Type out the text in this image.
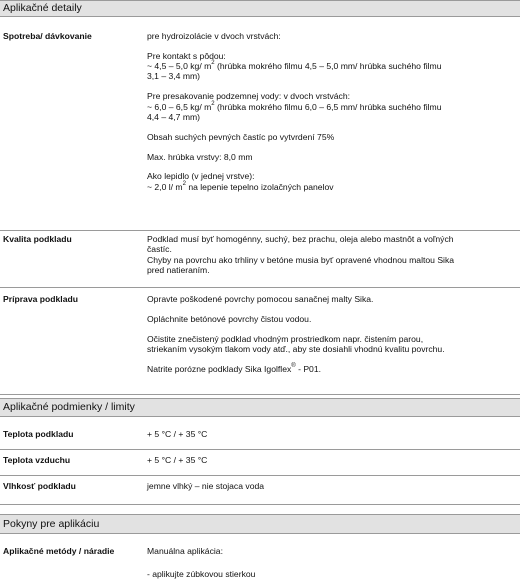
Aplikačné detaily
Spotreba/ dávkovanie	pre hydroizolácie v dvoch vrstvách:
Pre kontakt s pôdou:
~ 4,5 – 5,0 kg/ $m^2$ (hrúbka mokrého filmu 4,5 – 5,0 mm/ hrúbka suchého filmu
3,1 – 3,4 mm)
Pre presakovanie podzemnej vody: v dvoch vrstvách:
~ 6,0 – 6,5 kg/ $m^2$ (hrúbka mokrého filmu 6,0 – 6,5 mm/ hrúbka suchého filmu
4,4 – 4,7 mm)
Obsah suchých pevných častíc po vytvrdení 75%
Max. hrúbka vrstvy: 8,0 mm
Ako lepidlo (v jednej vrstve):
~ 2,0 l/ $m^2$ na lepenie tepelno izolačných panelov
Kvalita podkladu	Podklad musí byť homogénny, suchý, bez prachu, oleja alebo mastnôt a voľných
častíc.
Chyby na povrchu ako trhliny v betóne musia byť opravené vhodnou maltou Sika
pred natieraním.
Príprava podkladu	Opravte poškodené povrchy pomocou sanačnej malty Sika.
Opláchnite betónové povrchy čistou vodou.
Očistite znečistený podklad vhodným prostriedkom napr. čistením parou,
striekaním vysokým tlakom vody atď., aby ste dosiahli vhodnú kvalitu povrchu.
Natrite porózne podklady Sika Igolflex® - P01.
Aplikačné podmienky / limity
Teplota podkladu	+ 5 °C / + 35 °C
Teplota vzduchu	+ 5 °C / + 35 °C
Vlhkosť podkladu	jemne vlhký – nie stojaca voda
Pokyny pre aplikáciu
Aplikačné metódy / náradie	Manuálna aplikácia:
- aplikujte zúbkovou stierkou
